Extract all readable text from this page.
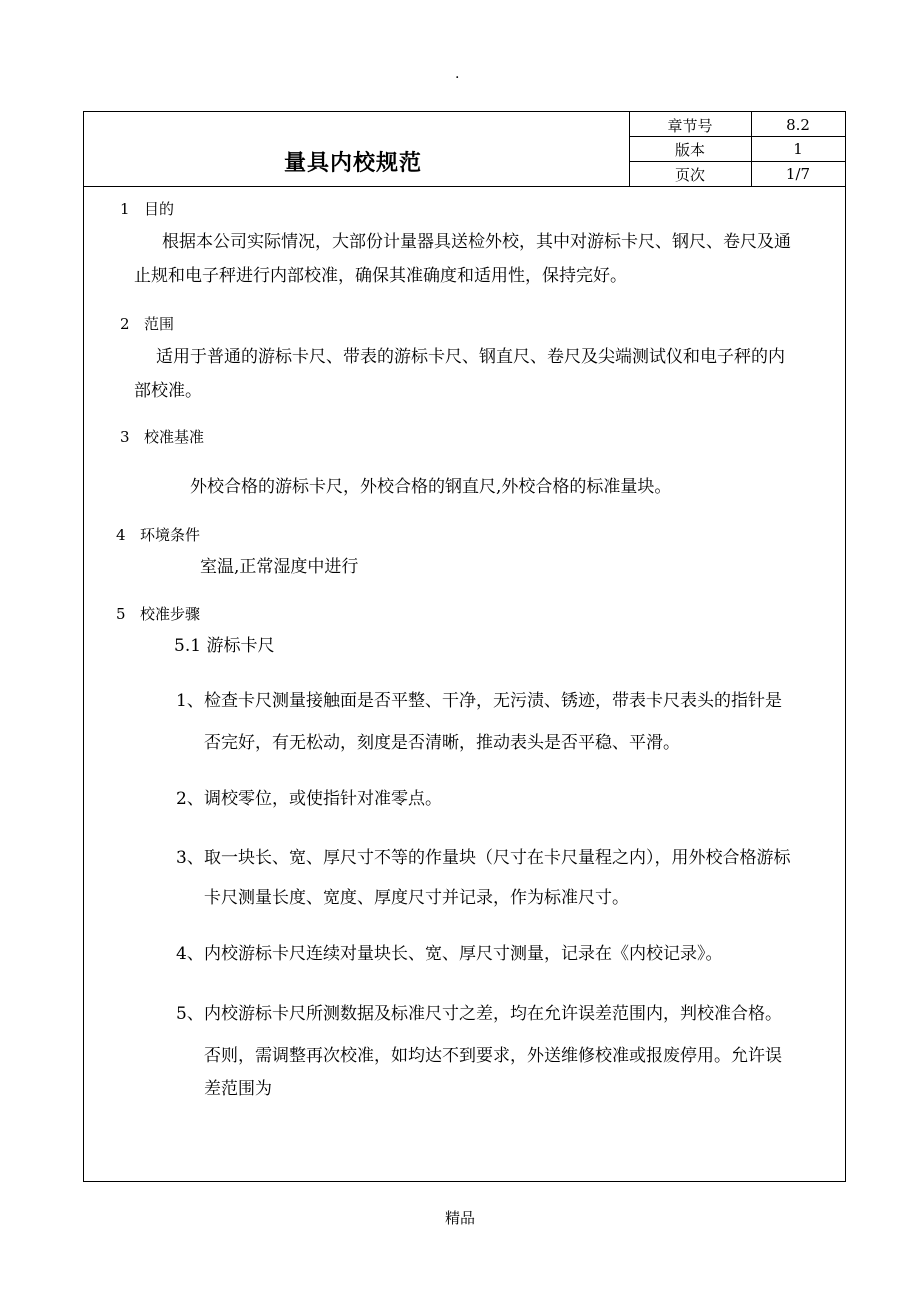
.
量具内校规范
章节号	8.2
版本	1
页次	1/7
1 目的
根据本公司实际情况，大部份计量器具送检外校，其中对游标卡尺、钢尺、卷尺及通
止规和电子秤进行内部校准，确保其准确度和适用性，保持完好。
2 范围
适用于普通的游标卡尺、带表的游标卡尺、钢直尺、卷尺及尖端测试仪和电子秤的内
部校准。
3 校准基准
外校合格的游标卡尺，外校合格的钢直尺,外校合格的标准量块。
4 环境条件
室温,正常湿度中进行
5 校准步骤
5.1 游标卡尺
1、 检查卡尺测量接触面是否平整、干净，无污渍、锈迹，带表卡尺表头的指针是
否完好，有无松动，刻度是否清晰，推动表头是否平稳、平滑。
2、 调校零位，或使指针对准零点。
3、 取一块长、宽、厚尺寸不等的作量块（尺寸在卡尺量程之内），用外校合格游标
卡尺测量长度、宽度、厚度尺寸并记录，作为标准尺寸。
4、 内校游标卡尺连续对量块长、宽、厚尺寸测量，记录在《内校记录》。
5、 内校游标卡尺所测数据及标准尺寸之差，均在允许误差范围内，判校准合格。
否则，需调整再次校准，如均达不到要求，外送维修校准或报废停用。允许误
差范围为
精品
